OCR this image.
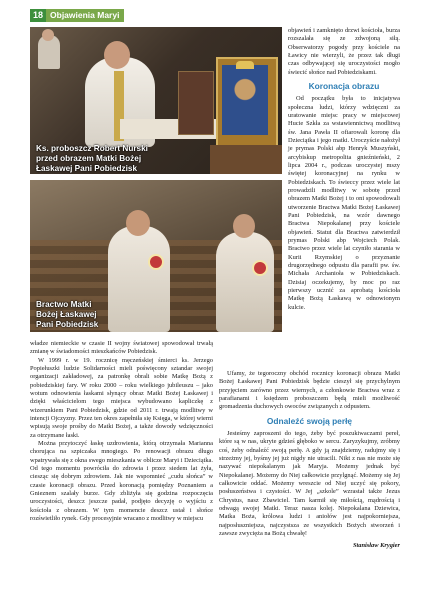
18 Objawienia Maryi
Ks. proboszcz Robert Nurski
przed obrazem Matki Bożej
Łaskawej Pani Pobiedzisk
Bractwo Matki
Bożej Łaskawej
Pani Pobiedzisk

objawień i zamknięto drzwi kościoła, burza rozszalała się ze zdwojoną siłą. Obserwatorzy pogody przy kościele na Ławicy nie wierzyli, że przez tak długi czas odbywającej się uroczystości mogło świecić słońce nad Pobiedziskami.

Koronacja obrazu

Od początku była to inicjatywa społeczna ludzi, którzy wdzięczni za uratowanie miejsc pracy w miejscowej Hucie Szkła za wstawiennictwą modlitwą św. Jana Pawła II ofiarowali koronę dla Dzieciątka i jego matki. Uroczyście nałożył je prymas Polski abp Henryk Muszyński, arcybiskup metropolita gnieźnieński, 2 lipca 2004 r., podczas uroczystej mszy świętej koronacyjnej na rynku w Pobiedziskach. To świeccy przez wiele lat prowadzili modlitwy w sobotę przed obrazem Matki Bożej i to oni spowodowali utworzenie Bractwa Matki Bożej Łaskawej Pani Pobiedzisk, na wzór dawnego Bractwa Niepokalanej przy kościele objawień. Statut dla Bractwa zatwierdził prymas Polski abp Wojciech Polak. Bractwo przez wiele lat czyniło starania w Kurii Rzymskiej o przyznanie drugorzędnego odpustu dla parafii pw. św. Michała Archanioła w Pobiedziskach. Dzisiaj oczekujemy, by moc po raz pierwszy ucznić za aprobatą kościoła Matkę Bożą Łaskawą w odnowionym kulcie.

Ufamy, że tegoroczny obchód rocznicy koronacji obrazu Matki Bożej Łaskawej Pani Pobiedzisk będzie cieszył się przychylnym przyjęciem zarówno przez wiernych, a członkowie Bractwa wraz z parafianami i księdzem proboszczem będą mieli możliwość gromadzenia duchowych owoców związanych z odpustem.

Odnaleźć swoją perłę

Jesteśmy zaproszeni do tego, żeby być poszukiwaczami pereł, które są w nas, ukryte gdzieś głęboko w sercu. Zaryzykujmy, zróbmy coś, żeby odnaleźć swoją perłę. A gdy ją znajdziemy, radujmy się i strzeżmy jej, byśmy jej już nigdy nie utracili. Nikt z nas nie może się nazywać niepokalanym jak Maryja. Możemy jednak być Niepokalanej. Możemy do Niej całkowicie przylgnąć. Możemy się Jej całkowicie oddać. Możemy wreszcie od Niej uczyć się pokory, posłuszeństwa i czystości. W Jej „szkole” wzrastał także Jezus Chrystus, nasz Zbawiciel. Tam karmił się miłością, mądrością i odwagą swojej Matki. Teraz nasza kolej. Niepokalana Dziewica, Matka Boża, królowa ludzi i aniołów jest najpokorniejsza, najposłuszniejsza, najczystsza ze wszystkich Bożych stworzeń i zawsze zwycięża na Bożą chwałę!

Stanisław Krygier

władze niemieckie w czasie II wojny światowej spowodował trwałą zmianę w świadomości mieszkańców Pobiedzisk.

W 1999 r. w 19. rocznicę męczeńskiej śmierci ks. Jerzego Popiełuszki ludzie Solidarności mieli poświęcony sztandar swojej organizacji zakładowej, za patronkę obrali sobie Matkę Bożą z pobiedziskiej fary. W roku 2000 – roku wielkiego jubileuszu – jako wotum odnowienia łaskami słynący obraz Matki Bożej Łaskawej i dzięki właścicielom tego miejsca wybudowano kapliczkę z wizerunkiem Pani Pobiedzisk, gdzie od 2011 r. trwają modlitwy w intencji Ojczyzny. Przez ten okres zapełniła się Księga, w której wierni wpisują swoje prośby do Matki Bożej, a także dowody wdzięczności za otrzymane łaski.

Można przytoczyć łaskę uzdrowienia, którą otrzymała Marianna chorująca na szpiczaka mnogiego. Po renowacji obrazu długo wpatrywała się z okna swego mieszkania w oblicze Maryi i Dzieciątka. Od tego momentu powróciła do zdrowia i przez siedem lat żyła, ciesząc się dobrym zdrowiem. Jak nie wspomnieć „cudu słońca” w czasie koronacji obrazu. Przed koronacją pomiędzy Poznaniem a Gnieznem szalały burze. Gdy zbliżyła się godzina rozpoczęcia uroczystości, deszcz jeszcze padał, podjęto decyzję o wyjściu z kościoła z obrazem. W tym momencie deszcz ustał i słońce rozświetliło rynek. Gdy procesyjnie wracano z modlitwy w miejscu
